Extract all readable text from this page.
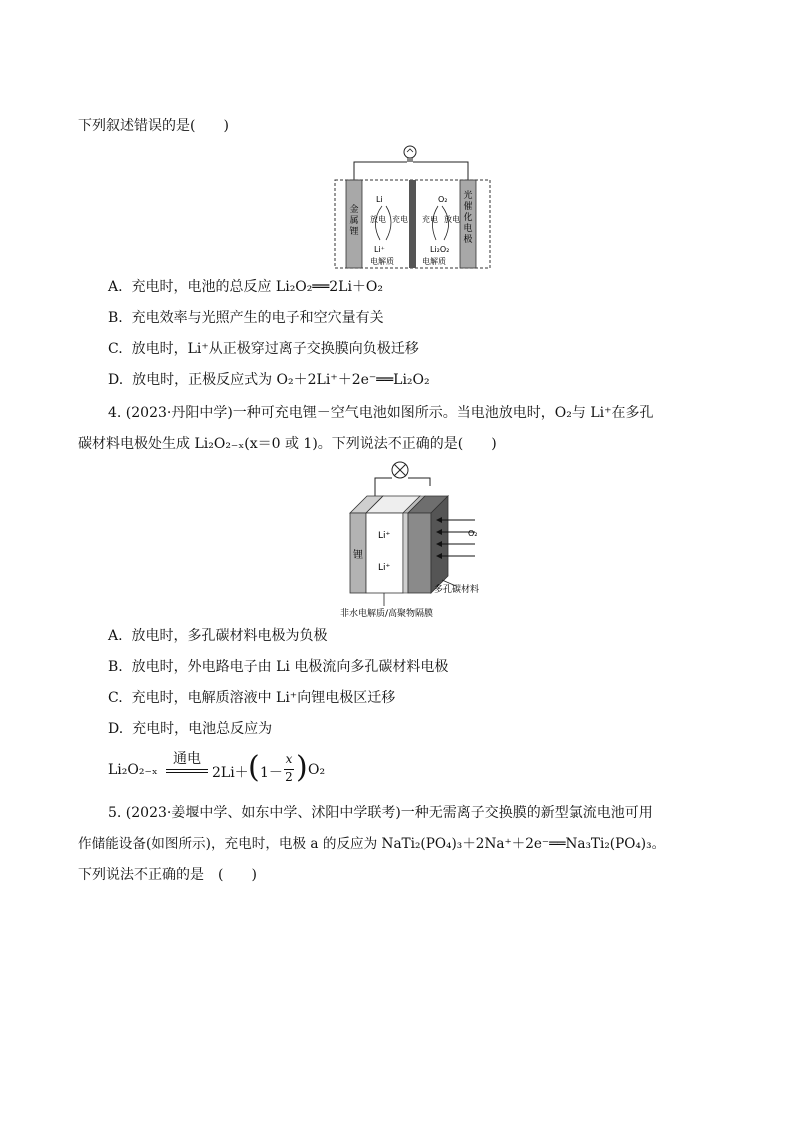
下列叙述错误的是(　　)
金属锂
光催化电极
Li
放电 充电
Li⁺
电解质
O₂
充电 放电
Li₂O₂
电解质
A. 充电时，电池的总反应 Li₂O₂══2Li＋O₂
B. 充电效率与光照产生的电子和空穴量有关
C. 放电时，Li⁺从正极穿过离子交换膜向负极迁移
D. 放电时，正极反应式为 O₂＋2Li⁺＋2e⁻══Li₂O₂
4. (2023·丹阳中学)一种可充电锂－空气电池如图所示。当电池放电时，O₂与 Li⁺在多孔
碳材料电极处生成 Li₂O₂₋ₓ(x＝0 或 1)。下列说法不正确的是(　　)
O₂
锂
Li⁺
Li⁺
多孔碳材料
非水电解质/高聚物隔膜
A. 放电时，多孔碳材料电极为负极
B. 放电时，外电路电子由 Li 电极流向多孔碳材料电极
C. 充电时，电解质溶液中 Li⁺向锂电极区迁移
D. 充电时，电池总反应为
Li₂O₂₋ₓ
通电
2Li＋ ( 1－
x
2 ) O₂
5. (2023·姜堰中学、如东中学、沭阳中学联考)一种无需离子交换膜的新型氯流电池可用
作储能设备(如图所示)，充电时，电极 a 的反应为 NaTi₂(PO₄)₃＋2Na⁺＋2e⁻══Na₃Ti₂(PO₄)₃。
下列说法不正确的是　(　　)
